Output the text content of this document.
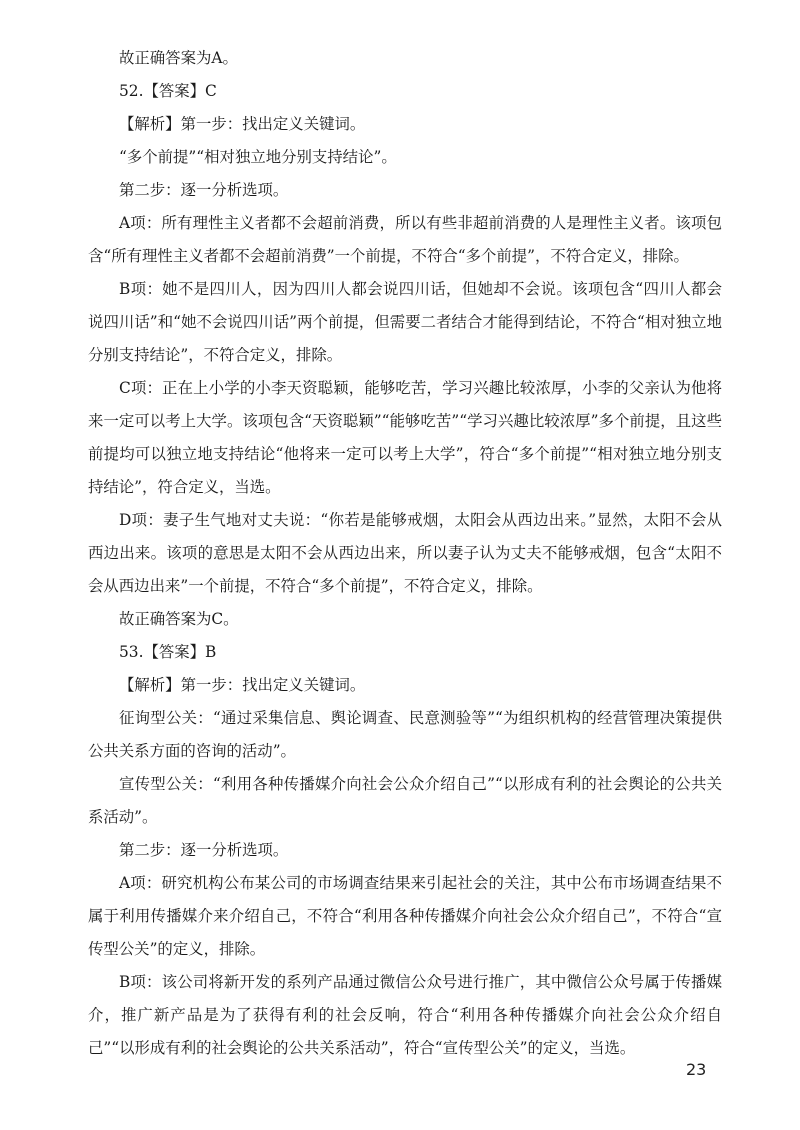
故正确答案为A。

52.【答案】C

【解析】第一步：找出定义关键词。

“多个前提”“相对独立地分别支持结论”。

第二步：逐一分析选项。

A项：所有理性主义者都不会超前消费，所以有些非超前消费的人是理性主义者。该项包含“所有理性主义者都不会超前消费”一个前提，不符合“多个前提”，不符合定义，排除。

B项：她不是四川人，因为四川人都会说四川话，但她却不会说。该项包含“四川人都会说四川话”和“她不会说四川话”两个前提，但需要二者结合才能得到结论，不符合“相对独立地分别支持结论”，不符合定义，排除。

C项：正在上小学的小李天资聪颖，能够吃苦，学习兴趣比较浓厚，小李的父亲认为他将来一定可以考上大学。该项包含“天资聪颖”“能够吃苦”“学习兴趣比较浓厚”多个前提，且这些前提均可以独立地支持结论“他将来一定可以考上大学”，符合“多个前提”“相对独立地分别支持结论”，符合定义，当选。

D项：妻子生气地对丈夫说：“你若是能够戒烟，太阳会从西边出来。”显然，太阳不会从西边出来。该项的意思是太阳不会从西边出来，所以妻子认为丈夫不能够戒烟，包含“太阳不会从西边出来”一个前提，不符合“多个前提”，不符合定义，排除。

故正确答案为C。

53.【答案】B

【解析】第一步：找出定义关键词。

征询型公关：“通过采集信息、舆论调查、民意测验等”“为组织机构的经营管理决策提供公共关系方面的咨询的活动”。

宣传型公关：“利用各种传播媒介向社会公众介绍自己”“以形成有利的社会舆论的公共关系活动”。

第二步：逐一分析选项。

A项：研究机构公布某公司的市场调查结果来引起社会的关注，其中公布市场调查结果不属于利用传播媒介来介绍自己，不符合“利用各种传播媒介向社会公众介绍自己”，不符合“宣传型公关”的定义，排除。

B项：该公司将新开发的系列产品通过微信公众号进行推广，其中微信公众号属于传播媒介，推广新产品是为了获得有利的社会反响，符合“利用各种传播媒介向社会公众介绍自己”“以形成有利的社会舆论的公共关系活动”，符合“宣传型公关”的定义，当选。

23
